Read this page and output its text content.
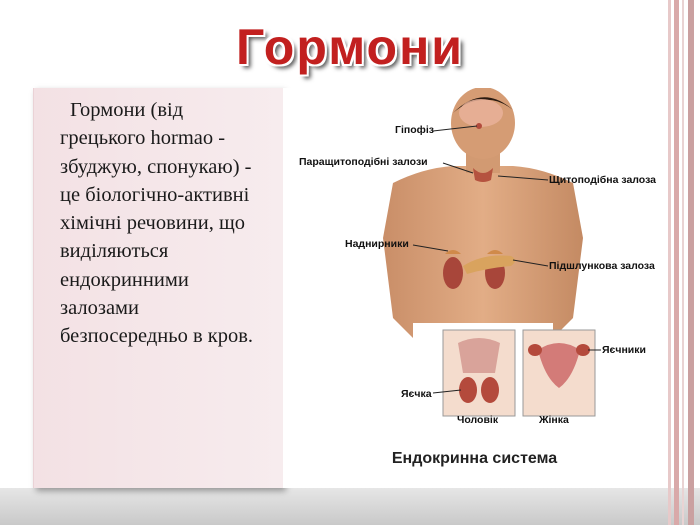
Гормони

Гормони (від грецького hormao - збуджую, спонукаю) - це біологічно-активні хімічні речовини, що виділяються ендокринними залозами безпосередньо в кров.

Гіпофіз
Паращитоподібні залози
Щитоподібна залоза
Наднирники
Підшлункова залоза
Яєчники
Яєчка
Чоловік	Жінка
Ендокринна система
